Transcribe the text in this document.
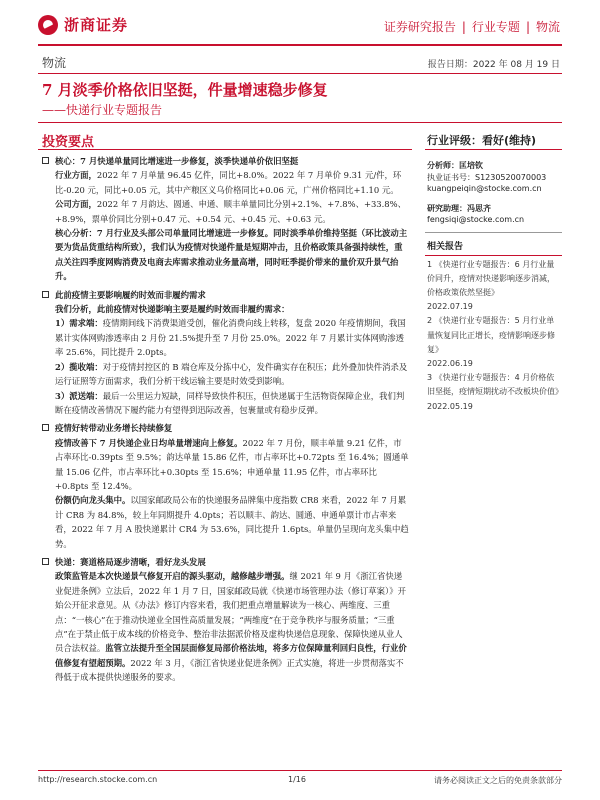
浙商证券	证券研究报告 | 行业专题 | 物流
物流	报告日期：2022 年 08 月 19 日
7 月淡季价格依旧坚挺，件量增速稳步修复
——快递行业专题报告
投资要点
核心：7 月快递单量同比增速进一步修复，淡季快递单价依旧坚挺
行业方面，2022 年 7 月单量 96.45 亿件，同比+8.0%。2022 年 7 月单价 9.31 元/件，环比-0.20 元，同比+0.05 元，其中产粮区义乌价格同比+0.06 元，广州价格同比+1.10 元。
公司方面，2022 年 7 月韵达、圆通、申通、顺丰单量同比分别+2.1%、+7.8%、+33.8%、+8.9%，票单价同比分别+0.47 元、+0.54 元、+0.45 元、+0.63 元。
核心分析：7 月行业及头部公司单量同比增速进一步修复。同时淡季单价维持坚挺（环比波动主要为货品货重结构所致），我们认为疫情对快递件量是短期冲击，且价格政策具备强持续性，重点关注四季度网购消费及电商去库需求推动业务量高增，同时旺季提价带来的量价双升景气抬升。
此前疫情主要影响履约时效而非履约需求
我们分析，此前疫情对快递影响主要是履约时效而非履约需求：
1）需求端：疫情期间线下消费渠道受创，催化消费向线上转移，复盘 2020 年疫情期间，我国累计实体网购渗透率由 2 月份 21.5%提升至 7 月份 25.0%。2022 年 7 月累计实体网购渗透率 25.6%，同比提升 2.0pts。
2）揽收端：对于疫情封控区的 B 端仓库及分拣中心，发件确实存在积压；此外叠加快件消杀及运行证照等方面需求，我们分析干线运输主要是时效受到影响。
3）派送端：最后一公里运力短缺，同样导致快件积压，但快递属于生活物资保障企业，我们判断在疫情改善情况下履约能力有望得到迅际改善，包裹量或有稳步反弹。
疫情好转带动业务增长持续修复
疫情改善下 7 月快递企业日均单量增速向上修复。2022 年 7 月份，顺丰单量 9.21 亿件，市占率环比-0.39pts 至 9.5%；韵达单量 15.86 亿件，市占率环比+0.72pts 至 16.4%；圆通单量 15.06 亿件，市占率环比+0.30pts 至 15.6%；申通单量 11.95 亿件，市占率环比+0.8pts 至 12.4%。
份额仍向龙头集中。以国家邮政局公布的快递服务品牌集中度指数 CR8 来看，2022 年 7 月累计 CR8 为 84.8%，较上年同期提升 4.0pts；若以顺丰、韵达、圆通、申通单票计市占率来看，2022 年 7 月 A 股快递累计 CR4 为 53.6%，同比提升 1.6pts。单量仍呈现向龙头集中趋势。
快递：赛道格局逐步清晰，看好龙头发展
政策监管是本次快递景气修复开启的源头驱动，越修越步增强。继 2021 年 9 月《浙江省快递业促进条例》立法后，2022 年 1 月 7 日，国家邮政局就《快递市场管理办法（修订草案）》开始公开征求意见。从《办法》修订内容来看，我们把重点增量解读为一核心、两维度、三重点：“一核心”在于推动快递业全国性高质量发展；“两维度”在于竞争秩序与服务质量；“三重点”在于禁止低于成本线的价格竞争、整治非法据派价格及虚构快递信息现象、保障快递从业人员合法权益。监管立法提升至全国层面修复局部价格法地，将多方位保障量利回归良性，行业价值修复有望超预期。2022 年 3 月，《浙江省快递业促进条例》正式实施，将进一步贯彻落实不得低于成本提供快递服务的要求。
行业评级：看好(维持)
分析师：匡培钦
执业证书号：S1230520070003
kuangpeiqin@stocke.com.cn
研究助理：冯思齐
fengsiqi@stocke.com.cn
相关报告
1 《快递行业专题报告：6 月行业量价同升，疫情对快递影响逐步消减，价格政策依然坚挺》
2022.07.19
2 《快递行业专题报告：5 月行业单量恢复同比正增长，疫情影响逐步修复》
2022.06.19
3 《快递行业专题报告：4 月价格依旧坚挺，疫情短期扰动不改板块价值》
2022.05.19
http://research.stocke.com.cn	1/16	请务必阅读正文之后的免责条款部分
